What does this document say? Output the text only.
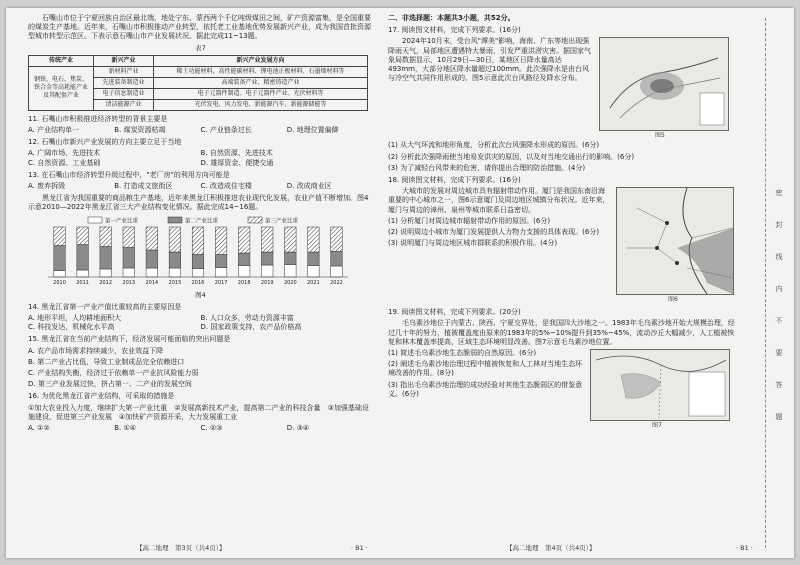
石嘴山市位于宁夏回族自治区最北端，地处宁东、蒙西两个千亿吨级煤田之间，矿产资源富集，是全国重要的煤炭生产基地。近年来，石嘴山市积极推动产业转型，依托老工业基地优势发展新兴产业，成为我国首批资源型城市转型示范区。下表示意石嘴山市产业发展状况。据此完成11~13题。

表7
传统产业	新兴产业	新兴产业发展方向
钢铁、电石、焦炭、铁合金等高耗能产业及其配套产业	新材料产业	稀土功能材料、高性能碳材料、锂电池正极材料、石墨烯材料等
	先进装备制造业	高端装备产业、精密铸造产业
	电子信息制造业	电子元器件制造、电子元器件产业、光伏材料等
	清洁能源产业	光伏发电、风力发电、新能源汽车、新能源储能等

11. 石嘴山市积极推进经济转型的背景主要是

A. 产业结构单一	B. 煤炭资源枯竭	C. 产业链条过长	D. 地理位置偏僻

12. 石嘴山市新兴产业发展的方向主要立足于当地

A. 广阔市场、先进技术	B. 自然资源、先进技术
C. 自然资源、工业基础	D. 雄厚资金、便捷交通

13. 在石嘴山市经济转型升级过程中，"老厂房"的利用方向可能是

A. 废弃拆毁	B. 打造成文旅街区	C. 改造成住宅楼	D. 改成商业区

黑龙江省为我国重要的商品粮生产基地，近年来黑龙江积极推进农业现代化发展，农业产值不断增加。图4示意2010—2022年黑龙江省三大产业结构变化情况。据此完成14~16题。

第一产业比重	第二产业比重	第三产业比重
2010 2011 2012 2013 2014 2015 2016 2017 2018 2019 2020 2021 2022
图4

14. 黑龙江省第一产业产值比重较高的主要原因是

A. 地形平坦，人均耕地面积大	B. 人口众多，劳动力资源丰富
C. 科技发达，机械化水平高	D. 国家政策支持，农产品价格高

15. 黑龙江省在当前产业结构下，经济发展可能面临的突出问题是

A. 农产品市场需求持续减少，农业效益下降

B. 第二产业占比低，导致工业制成品完全依赖进口

C. 产业结构失衡，经济过于依赖单一产业抗风险能力弱

D. 第三产业发展过快，挤占第一、二产业的发展空间

16. 为优化黑龙江省产业结构，可采取的措施是

①加大农业投入力度，继续扩大第一产业比重　②发展高新技术产业，提高第二产业的科技含量　③加强基础设施建设，促进第三产业发展　④加快矿产资源开采，大力发展重工业

A. ①②	B. ①④	C. ②③	D. ③④

二、非选择题：本题共3小题，共52分。

17. 阅读图文材料，完成下列要求。(16分)

2024年10月末，受台风"潭美"影响，海南、广东等地出现强降雨天气，局部地区遭遇特大暴雨，引发严重洪涝灾害。据国家气象局数据显示，10月29日—30日，某地区日降水量高达493mm，大部分地区降水量超过100mm。此次强降水是由台风与冷空气共同作用形成的。图5示意此次台风路径及降水分布。

图5

(1) 从大气环流和地形角度，分析此次台风强降水形成的原因。(6分)

(2) 分析此次强降雨使当地易发洪灾的原因，以及对当地交通出行的影响。(6分)

(3) 为了减轻台风带来的危害，请你提出合理的防治措施。(4分)

18. 阅读图文材料，完成下列要求。(16分)

大城市的发展对周边城市具有辐射带动作用。厦门是我国东南沿海重要的中心城市之一，图6示意厦门及周边地区城镇分布状况。近年来，厦门与周边的漳州、泉州等城市联系日益密切。

(1) 分析厦门对周边城市辐射带动作用的原因。(6分)

(2) 说明周边小城市为厦门发展提供人力物力支援的具体表现。(6分)

(3) 说明厦门与周边地区城市群联系的积极作用。(4分)

图6

19. 阅读图文材料，完成下列要求。(20分)

毛乌素沙地位于内蒙古、陕西、宁夏交界处，是我国四大沙地之一。1983年毛乌素沙地开始大规模治理，经过几十年的努力，植被覆盖度由原来的1983年的5%~10%提升到35%~45%，流动沙丘大幅减少，人工植被恢复和林木覆盖率提高，区域生态环境明显改善。图7示意毛乌素沙地位置。

(1) 简述毛乌素沙地生态脆弱的自然原因。(6分)

(2) 阐述毛乌素沙地治理过程中植被恢复和人工林对当地生态环境改善的作用。(8分)

(3) 指出毛乌素沙地治理的成功经验对其他生态脆弱区的借鉴意义。(6分)

图7
【高二地理　第3页（共4页）】	· B1 ·	【高二地理　第4页（共4页）】	· B1 ·
密
封
线
内
不
要
答
题
